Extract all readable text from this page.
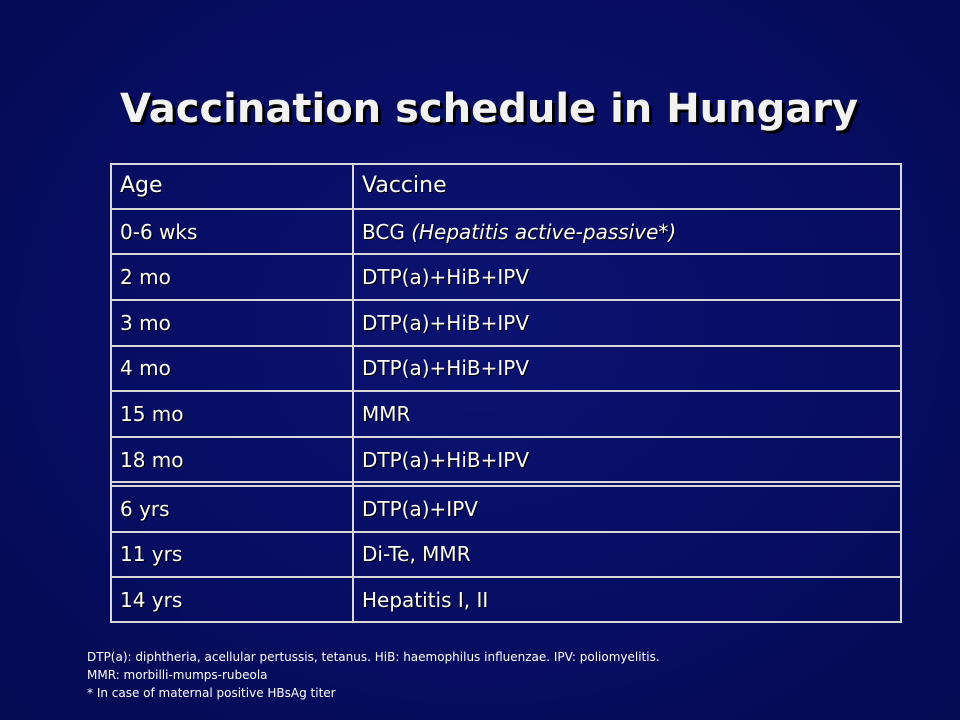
Vaccination schedule in Hungary
Age	Vaccine
0-6 wks	BCG (Hepatitis active-passive*)
2 mo	DTP(a)+HiB+IPV
3 mo	DTP(a)+HiB+IPV
4 mo	DTP(a)+HiB+IPV
15 mo	MMR
18 mo	DTP(a)+HiB+IPV

6 yrs	DTP(a)+IPV
11 yrs	Di-Te, MMR
14 yrs	Hepatitis I, II
DTP(a): diphtheria, acellular pertussis, tetanus. HiB: haemophilus influenzae. IPV: poliomyelitis.
MMR: morbilli-mumps-rubeola
* In case of maternal positive HBsAg titer
